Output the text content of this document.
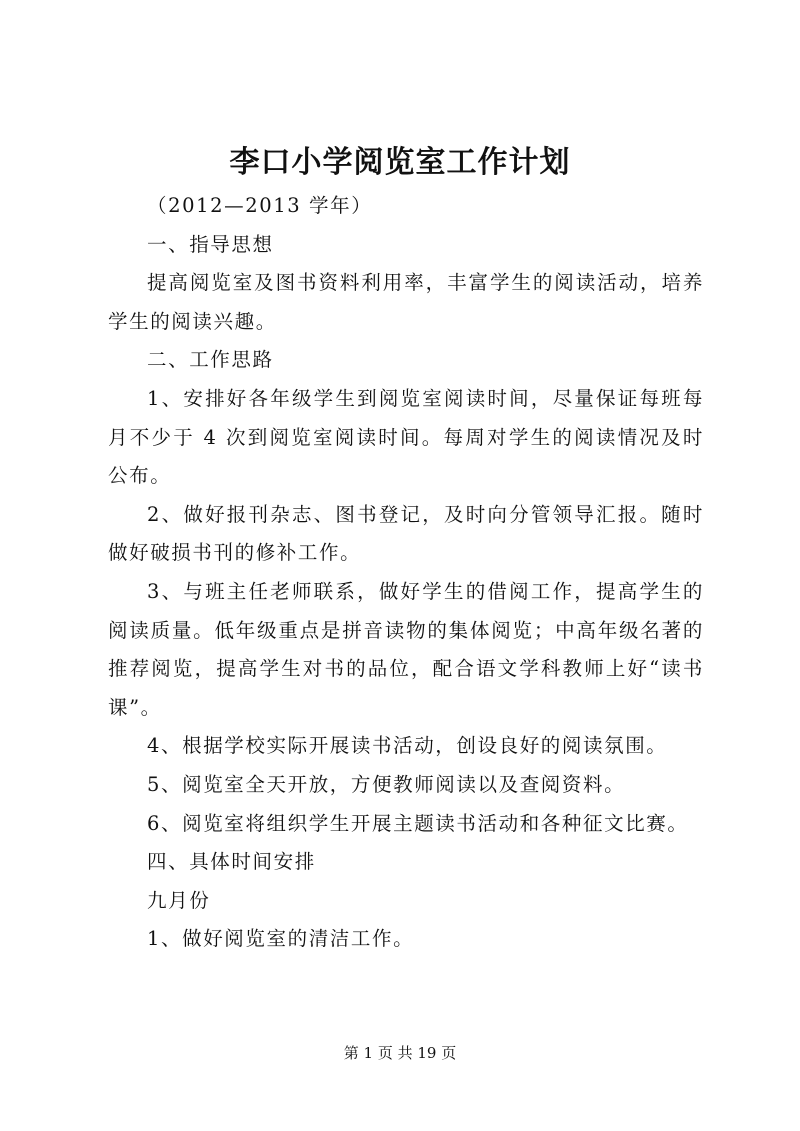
李口小学阅览室工作计划

（2012—2013 学年）

一、指导思想

提高阅览室及图书资料利用率，丰富学生的阅读活动，培养学生的阅读兴趣。

二、工作思路

1、安排好各年级学生到阅览室阅读时间，尽量保证每班每月不少于 4 次到阅览室阅读时间。每周对学生的阅读情况及时公布。

2、做好报刊杂志、图书登记，及时向分管领导汇报。随时做好破损书刊的修补工作。

3、与班主任老师联系，做好学生的借阅工作，提高学生的阅读质量。低年级重点是拼音读物的集体阅览；中高年级名著的推荐阅览，提高学生对书的品位，配合语文学科教师上好“读书课”。

4、根据学校实际开展读书活动，创设良好的阅读氛围。

5、阅览室全天开放，方便教师阅读以及查阅资料。

6、阅览室将组织学生开展主题读书活动和各种征文比赛。

四、具体时间安排

九月份

1、做好阅览室的清洁工作。

第 1 页 共 19 页
